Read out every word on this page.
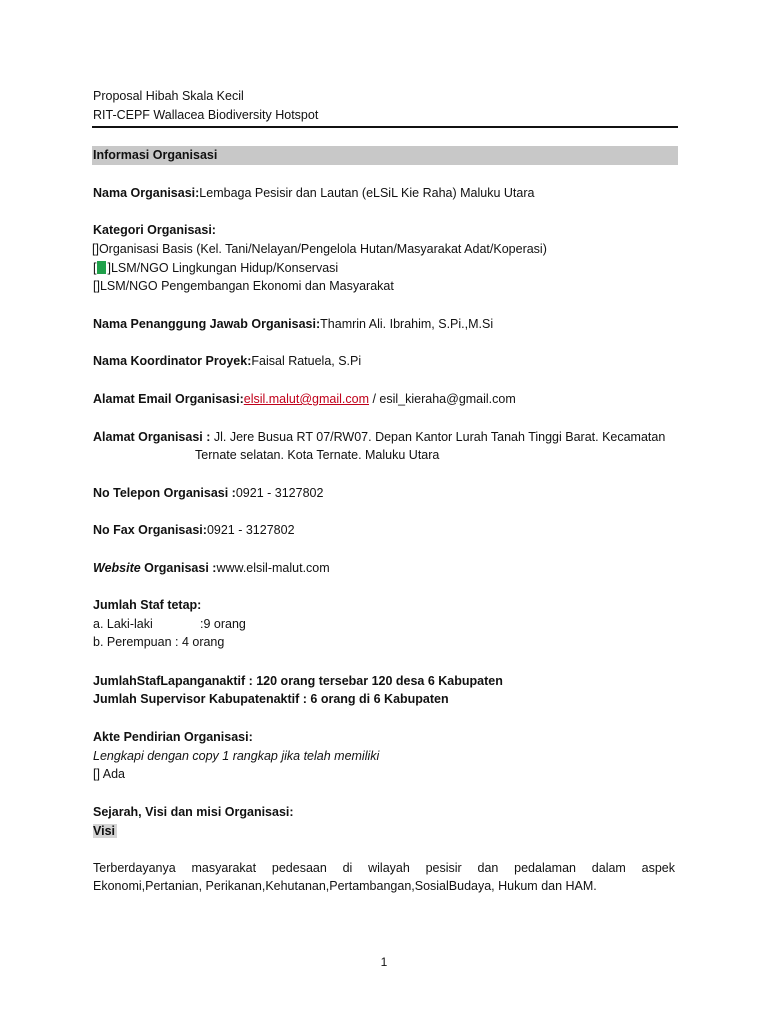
Proposal Hibah Skala Kecil
RIT-CEPF Wallacea Biodiversity Hotspot
Informasi Organisasi
Nama Organisasi:Lembaga Pesisir dan Lautan (eLSiL Kie Raha) Maluku Utara
Kategori Organisasi:
[]Organisasi Basis (Kel. Tani/Nelayan/Pengelola Hutan/Masyarakat Adat/Koperasi)
[ ]LSM/NGO Lingkungan Hidup/Konservasi
[]LSM/NGO Pengembangan Ekonomi dan Masyarakat
Nama Penanggung Jawab Organisasi:Thamrin Ali. Ibrahim, S.Pi.,M.Si
Nama Koordinator Proyek:Faisal Ratuela, S.Pi
Alamat Email Organisasi:elsil.malut@gmail.com / esil_kieraha@gmail.com
Alamat Organisasi : Jl. Jere Busua RT 07/RW07. Depan Kantor Lurah Tanah Tinggi Barat. Kecamatan
Ternate selatan. Kota Ternate. Maluku Utara
No Telepon Organisasi :0921 - 3127802
No Fax Organisasi:0921 - 3127802
Website Organisasi :www.elsil-malut.com
Jumlah Staf tetap:
a. Laki-laki	:9 orang
b. Perempuan : 4 orang
JumlahStafLapanganaktif : 120 orang tersebar 120 desa 6 Kabupaten
Jumlah Supervisor Kabupatenaktif : 6 orang di 6 Kabupaten
Akte Pendirian Organisasi:
Lengkapi dengan copy 1 rangkap jika telah memiliki
[] Ada
Sejarah, Visi dan misi Organisasi:
Visi
Terberdayanya masyarakat pedesaan di wilayah pesisir dan pedalaman dalam aspek Ekonomi,Pertanian, Perikanan,Kehutanan,Pertambangan,SosialBudaya, Hukum dan HAM.
1
